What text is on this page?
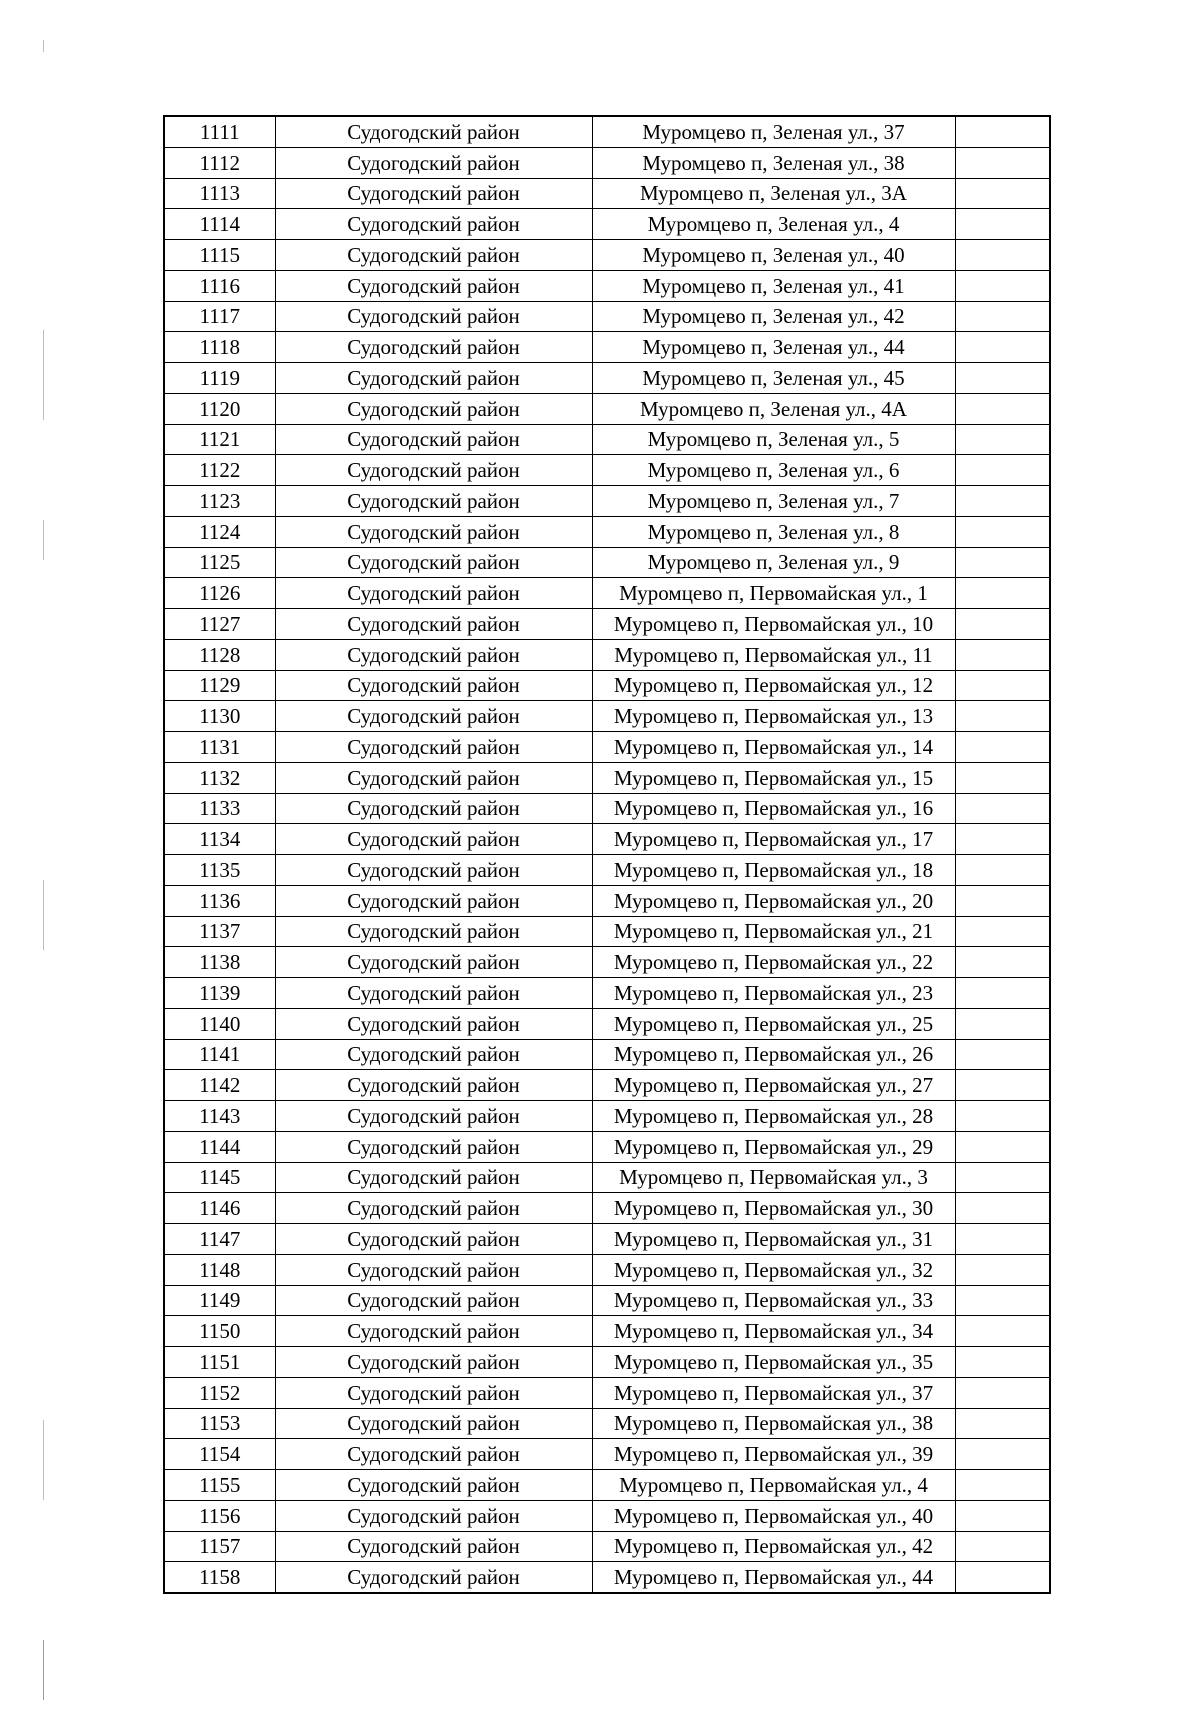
1111	Судогодский район	Муромцево п, Зеленая ул., 37	
1112	Судогодский район	Муромцево п, Зеленая ул., 38	
1113	Судогодский район	Муромцево п, Зеленая ул., 3А	
1114	Судогодский район	Муромцево п, Зеленая ул., 4	
1115	Судогодский район	Муромцево п, Зеленая ул., 40	
1116	Судогодский район	Муромцево п, Зеленая ул., 41	
1117	Судогодский район	Муромцево п, Зеленая ул., 42	
1118	Судогодский район	Муромцево п, Зеленая ул., 44	
1119	Судогодский район	Муромцево п, Зеленая ул., 45	
1120	Судогодский район	Муромцево п, Зеленая ул., 4А	
1121	Судогодский район	Муромцево п, Зеленая ул., 5	
1122	Судогодский район	Муромцево п, Зеленая ул., 6	
1123	Судогодский район	Муромцево п, Зеленая ул., 7	
1124	Судогодский район	Муромцево п, Зеленая ул., 8	
1125	Судогодский район	Муромцево п, Зеленая ул., 9	
1126	Судогодский район	Муромцево п, Первомайская ул., 1	
1127	Судогодский район	Муромцево п, Первомайская ул., 10	
1128	Судогодский район	Муромцево п, Первомайская ул., 11	
1129	Судогодский район	Муромцево п, Первомайская ул., 12	
1130	Судогодский район	Муромцево п, Первомайская ул., 13	
1131	Судогодский район	Муромцево п, Первомайская ул., 14	
1132	Судогодский район	Муромцево п, Первомайская ул., 15	
1133	Судогодский район	Муромцево п, Первомайская ул., 16	
1134	Судогодский район	Муромцево п, Первомайская ул., 17	
1135	Судогодский район	Муромцево п, Первомайская ул., 18	
1136	Судогодский район	Муромцево п, Первомайская ул., 20	
1137	Судогодский район	Муромцево п, Первомайская ул., 21	
1138	Судогодский район	Муромцево п, Первомайская ул., 22	
1139	Судогодский район	Муромцево п, Первомайская ул., 23	
1140	Судогодский район	Муромцево п, Первомайская ул., 25	
1141	Судогодский район	Муромцево п, Первомайская ул., 26	
1142	Судогодский район	Муромцево п, Первомайская ул., 27	
1143	Судогодский район	Муромцево п, Первомайская ул., 28	
1144	Судогодский район	Муромцево п, Первомайская ул., 29	
1145	Судогодский район	Муромцево п, Первомайская ул., 3	
1146	Судогодский район	Муромцево п, Первомайская ул., 30	
1147	Судогодский район	Муромцево п, Первомайская ул., 31	
1148	Судогодский район	Муромцево п, Первомайская ул., 32	
1149	Судогодский район	Муромцево п, Первомайская ул., 33	
1150	Судогодский район	Муромцево п, Первомайская ул., 34	
1151	Судогодский район	Муромцево п, Первомайская ул., 35	
1152	Судогодский район	Муромцево п, Первомайская ул., 37	
1153	Судогодский район	Муромцево п, Первомайская ул., 38	
1154	Судогодский район	Муромцево п, Первомайская ул., 39	
1155	Судогодский район	Муромцево п, Первомайская ул., 4	
1156	Судогодский район	Муромцево п, Первомайская ул., 40	
1157	Судогодский район	Муромцево п, Первомайская ул., 42	
1158	Судогодский район	Муромцево п, Первомайская ул., 44	
